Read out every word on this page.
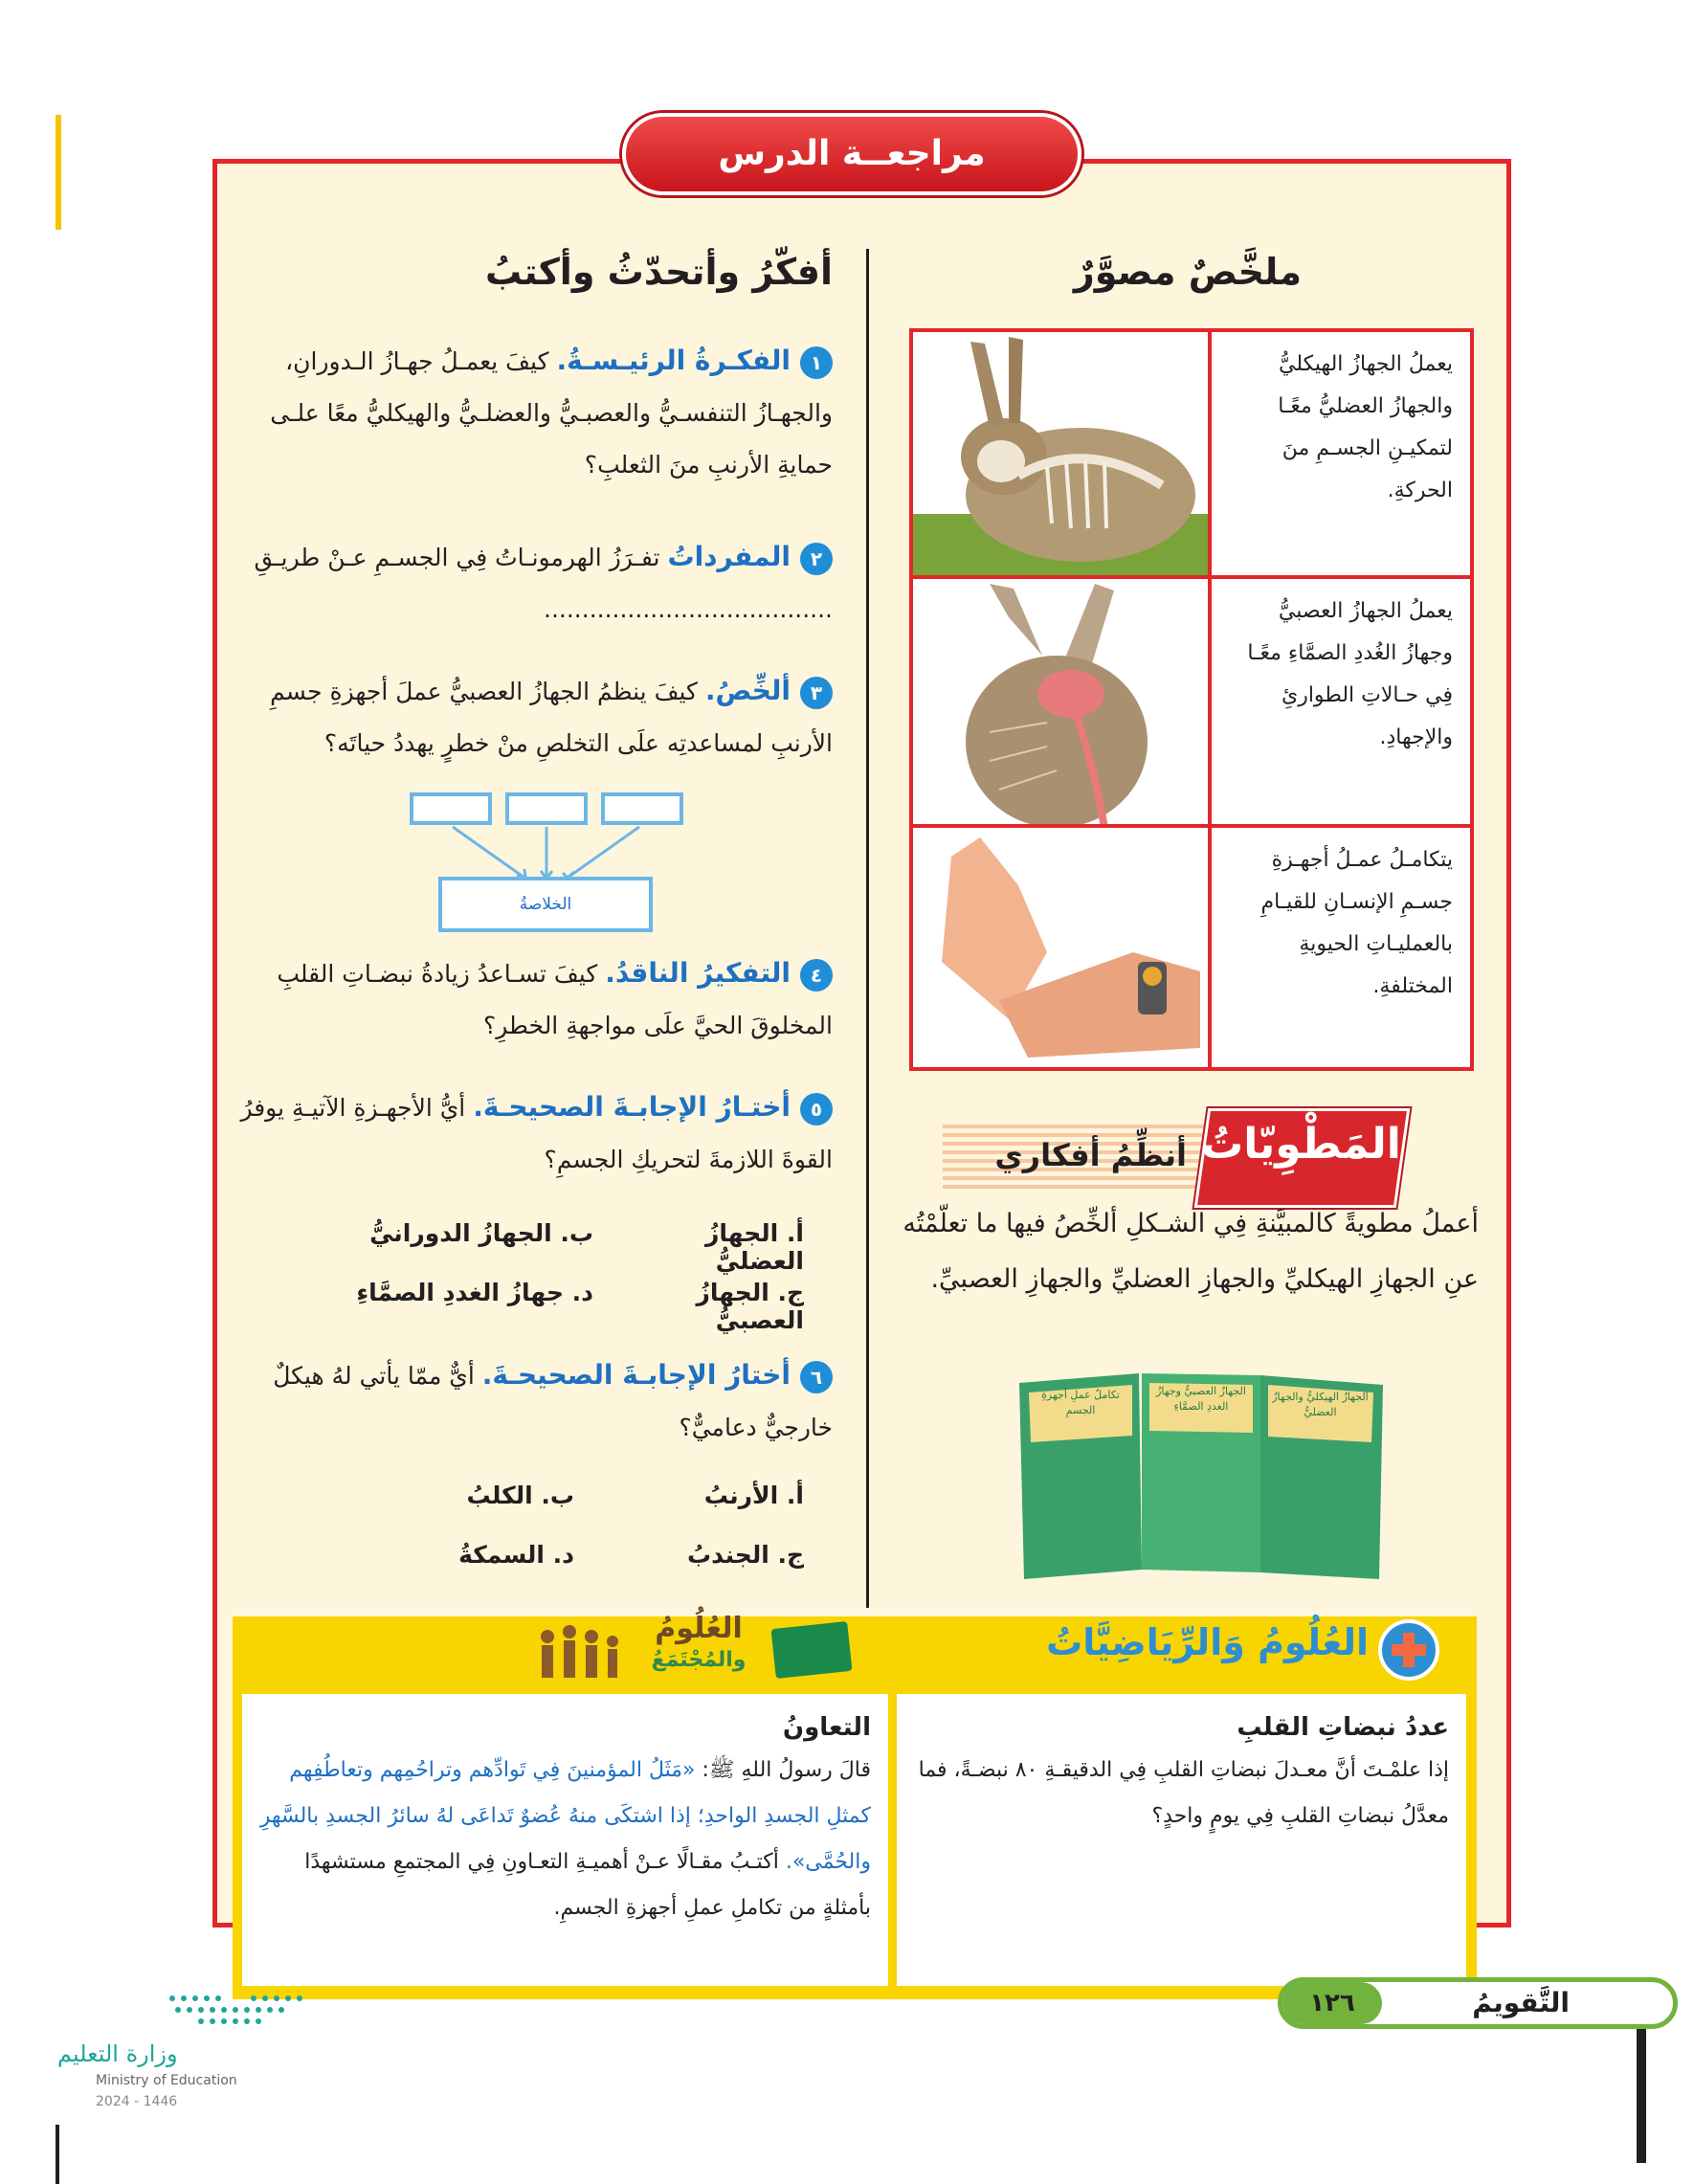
مراجعــة الدرس
أفكّرُ وأتحدّثُ وأكتبُ	ملخَّصٌ مصوَّرٌ
١الفكـرةُ الرئيـسـةُ. كيفَ يعمـلُ جهـازُ الـدورانِ، والجهـازُ التنفسـيُّ والعصبـيُّ والعضلـيُّ والهيكليُّ معًا علـى حمايةِ الأرنبِ منَ الثعلبِ؟
٢المفرداتُ تفـرَزُ الهرمونـاتُ فِي الجسـمِ عـنْ طريـقِ
......................................
٣ألخِّصُ. كيفَ ينظمُ الجهازُ العصبيُّ عملَ أجهزةِ جسمِ الأرنبِ لمساعدتِه علَى التخلصِ منْ خطرٍ يهددُ حياتَه؟
الخلاصةُ
٤التفكيرُ الناقدُ. كيفَ تسـاعدُ زيادةُ نبضـاتِ القلبِ المخلوقَ الحيَّ علَى مواجهةِ الخطرِ؟
٥أختـارُ الإجابـةَ الصحيحـةَ. أيُّ الأجهـزةِ الآتيـةِ يوفرُ القوةَ اللازمةَ لتحريكِ الجسمِ؟
أ. الجهازُ العضليُّ
ب. الجهازُ الدورانيُّ
ج. الجهازُ العصبيُّ
د. جهازُ الغددِ الصمَّاءِ
٦أختارُ الإجابـةَ الصحيحـةَ. أيٌّ ممّا يأتي لهُ هيكلٌ خارجيٌّ دعاميٌّ؟
أ. الأرنبُ
ب. الكلبُ
ج. الجندبُ
د. السمكةُ
يعملُ الجهازُ الهيكليُّ والجهازُ العضليُّ معًـا لتمكيـنِ الجسـمِ منَ الحركةِ.
يعملُ الجهازُ العصبيُّ وجهازُ الغُددِ الصمَّاءِ معًـا فِي حـالاتِ الطوارئِ والإجهادِ.
يتكامـلُ عمـلُ أجهـزةِ جسـمِ الإنسـانِ للقيـامِ بالعمليـاتِ الحيويةِ المختلفةِ.
المَطْوِيّاتُ
أنظِّمُ أفكاري
أعملُ مطويةً كالمبيَّنةِ فِي الشـكلِ ألخِّصُ فيها ما تعلّمْتُه عنِ الجهازِ الهيكليِّ والجهازِ العضليِّ والجهازِ العصبيِّ.
الجهازُ الهيكليُّ والجهازُ العضليُّ
الجهازُ العصبيُّ وجهازُ الغددِ الصمَّاءِ
تكاملُ عملِ أجهزةِ الجسمِ
العُلُومُ وَالرِّيَاضِيَّاتُ
العُلُومُ
والمُجْتَمَعُ
عددُ نبضاتِ القلبِ
إذا علمْـتَ أنَّ معـدلَ نبضاتِ القلبِ فِي الدقيقـةِ ٨٠ نبضـةً، فما معدَّلُ نبضاتِ القلبِ فِي يومٍ واحدٍ؟
التعاونُ
قالَ رسولُ اللهِ ﷺ: «مَثَلُ المؤمنينَ فِي تَوادِّهم وتراحُمِهم وتعاطُفِهم كمثلِ الجسدِ الواحدِ؛ إذا اشتكَى منهُ عُضوٌ تَداعَى لهُ سائرُ الجسدِ بالسَّهرِ والحُمَّى». أكتـبُ مقـالًا عـنْ أهميـةِ التعـاونِ فِي المجتمعِ مستشهدًا بأمثلةٍ من تكاملِ عملِ أجهزةِ الجسمِ.
١٢٦	التَّقويمُ
وزارة التعليم
Ministry of Education
2024 - 1446
